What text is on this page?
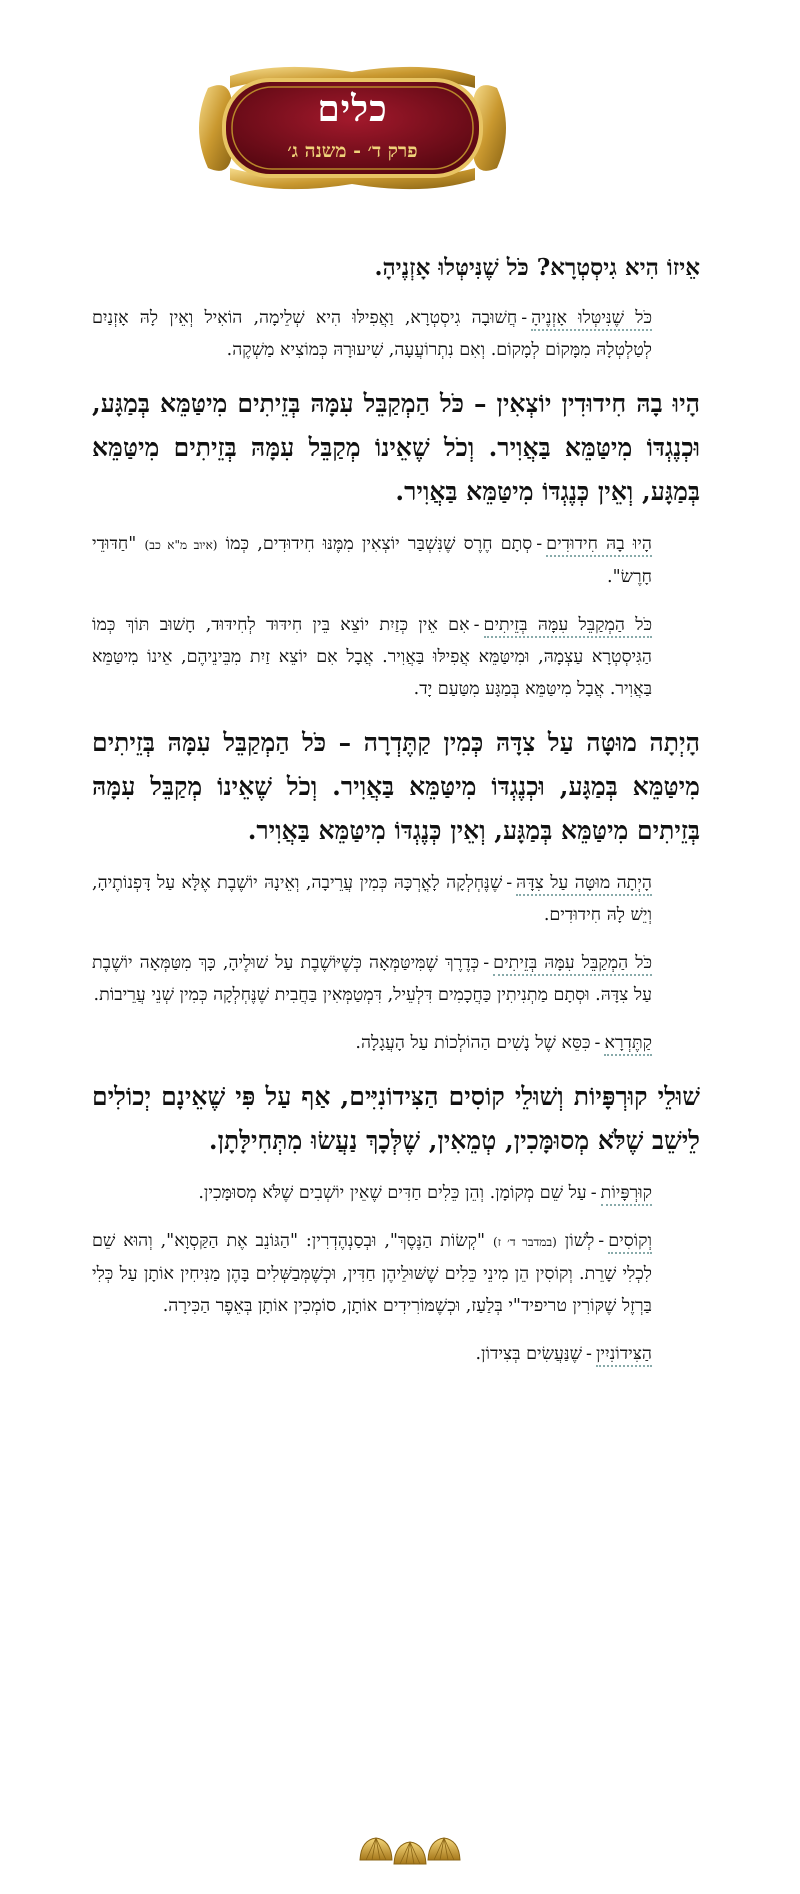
כלים
פרק ד׳ - משנה ג׳

אֵיזוֹ הִיא גִיסְטְרָא? כֹּל שֶׁנִּיטְּלוּ אָזְנֶיהָ.

כֹּל שֶׁנִּיטְּלוּ אָזְנֶיהָ-חֲשׁוּבָה גִיסְטְרָא, וַאֲפִילּוּ הִיא שְׁלֵימָה, הוֹאִיל וְאֵין לָהּ אָזְנַיִם לְטַלְטְלָהּ מִמָּקוֹם לְמָקוֹם. וְאִם נִתְרוֹעֲעָה, שִׁיעוּרָהּ כְּמוֹצִיא מַשְׁקֶה.

הָיוּ בָהּ חִידוּדִין יוֹצְאִין – כֹּל הַמְקַבֵּל עִמָּהּ בְּזֵיתִים מִיטַּמֵּא בְּמַגָּע, וּכְנֶגְדּוֹ מִיטַּמֵּא בַּאֲוִיר. וְכֹל שֶׁאֵינוֹ מְקַבֵּל עִמָּהּ בְּזֵיתִים מִיטַּמֵּא בְּמַגָּע, וְאֵין כְּנֶגְדּוֹ מִיטַּמֵּא בַּאֲוִיר.

הָיוּ בָהּ חִידוּדִים-סְתָם חֶרֶס שֶׁנִּשְׁבַּר יוֹצְאִין מִמֶּנּוּ חִידוּדִים, כְּמוֹ (איוב מ"א כב) "חַדּוּדֵי חָרֶשׂ".

כֹּל הַמְקַבֵּל עִמָּהּ בְּזֵיתִים-אִם אֵין כְּזַיִת יוֹצֵא בֵּין חִידּוּד לְחִידּוּד, חָשׁוּב תּוֹךְ כְּמוֹ הַגִּיסְטְרָא עַצְמָהּ, וּמִיטַּמֵּא אֲפִילּוּ בַּאֲוִיר. אֲבָל אִם יוֹצֵא זַיִת מִבֵּינֵיהֶם, אֵינוֹ מִיטַּמֵּא בַּאֲוִיר. אֲבָל מִיטַּמֵּא בְּמַגָּע מִטַּעַם יָד.

הָיְתָה מוּטָּה עַל צִדָּהּ כְּמִין קַתֶּדְרָה – כֹּל הַמְקַבֵּל עִמָּהּ בְּזֵיתִים מִיטַּמֵּא בְּמַגָּע, וּכְנֶגְדּוֹ מִיטַּמֵּא בַּאֲוִיר. וְכֹל שֶׁאֵינוֹ מְקַבֵּל עִמָּהּ בְּזֵיתִים מִיטַּמֵּא בְּמַגָּע, וְאֵין כְּנֶגְדּוֹ מִיטַּמֵּא בַּאֲוִיר.

הָיְתָה מוּטָּה עַל צִדָּהּ-שֶׁנֶּחְלְקָה לָאֳרְכָּהּ כְּמִין עֲרֵיבָה, וְאֵינָהּ יוֹשֶׁבֶת אֶלָּא עַל דָּפְנוֹתֶיהָ, וְיֵשׁ לָהּ חִידוּדִים.

כֹּל הַמְקַבֵּל עִמָּהּ בְּזֵיתִים-כְּדֶרֶךְ שֶׁמִּיטַּמְּאָה כְּשֶׁיּוֹשֶׁבֶת עַל שׁוּלֶיהָ, כָּךְ מִטַּמְּאָה יוֹשֶׁבֶת עַל צִדָּהּ. וּסְתָם מַתְנִיתִין כַּחֲכָמִים דִּלְעֵיל, דִּמְטַמְּאִין בַּחֲבִית שֶׁנֶּחְלְקָה כְּמִין שְׁנֵי עֲרֵיבוֹת.

קַתֶּדְרָא-כִּסֵּא שֶׁל נָשִׁים הַהוֹלְכוֹת עַל הָעֲגָלָה.

שׁוּלֵי קוּרְפָּיוֹת וְשׁוּלֵי קוֹסִים הַצִּידוֹנִיִּים, אַף עַל פִּי שֶׁאֵינָם יְכוֹלִים לֵישֵׁב שֶׁלֹּא מְסוּמָּכִין, טְמֵאִין, שֶׁלְּכָךְ נַעֲשׂוּ מִתְּחִילָּתָן.

קוּרְפָּיוֹת-עַל שֵׁם מְקוֹמָן. וְהֵן כֵּלִים חַדִּים שֶׁאֵין יוֹשְׁבִים שֶׁלֹּא מְסוּמָּכִין.

וְקוֹסִים-לְשׁוֹן (במדבר ד׳ ז) "קְשׂוֹת הַנֶּסֶךְ", וּבְסַנְהֶדְרִין: "הַגּוֹנֵב אֶת הַקַּסְוָא", וְהוּא שֵׁם לִכְלִי שָׁרֵת. וְקוֹסִין הֵן מִינֵי כֵּלִים שֶׁשּׁוּלֵיהֶן חַדִּין, וּכְשֶׁמְּבַשְּׁלִים בָּהֶן מַנִּיחִין אוֹתָן עַל כְּלִי בַּרְזֶל שֶׁקּוֹרִין טריפיד"י בְּלַעַז, וּכְשֶׁמּוֹרִידִים אוֹתָן, סוֹמְכִין אוֹתָן בְּאֵפֶר הַכִּירָה.

הַצִּידוֹנִיִין-שֶׁנַּעֲשִׂים בְּצִידוֹן.
